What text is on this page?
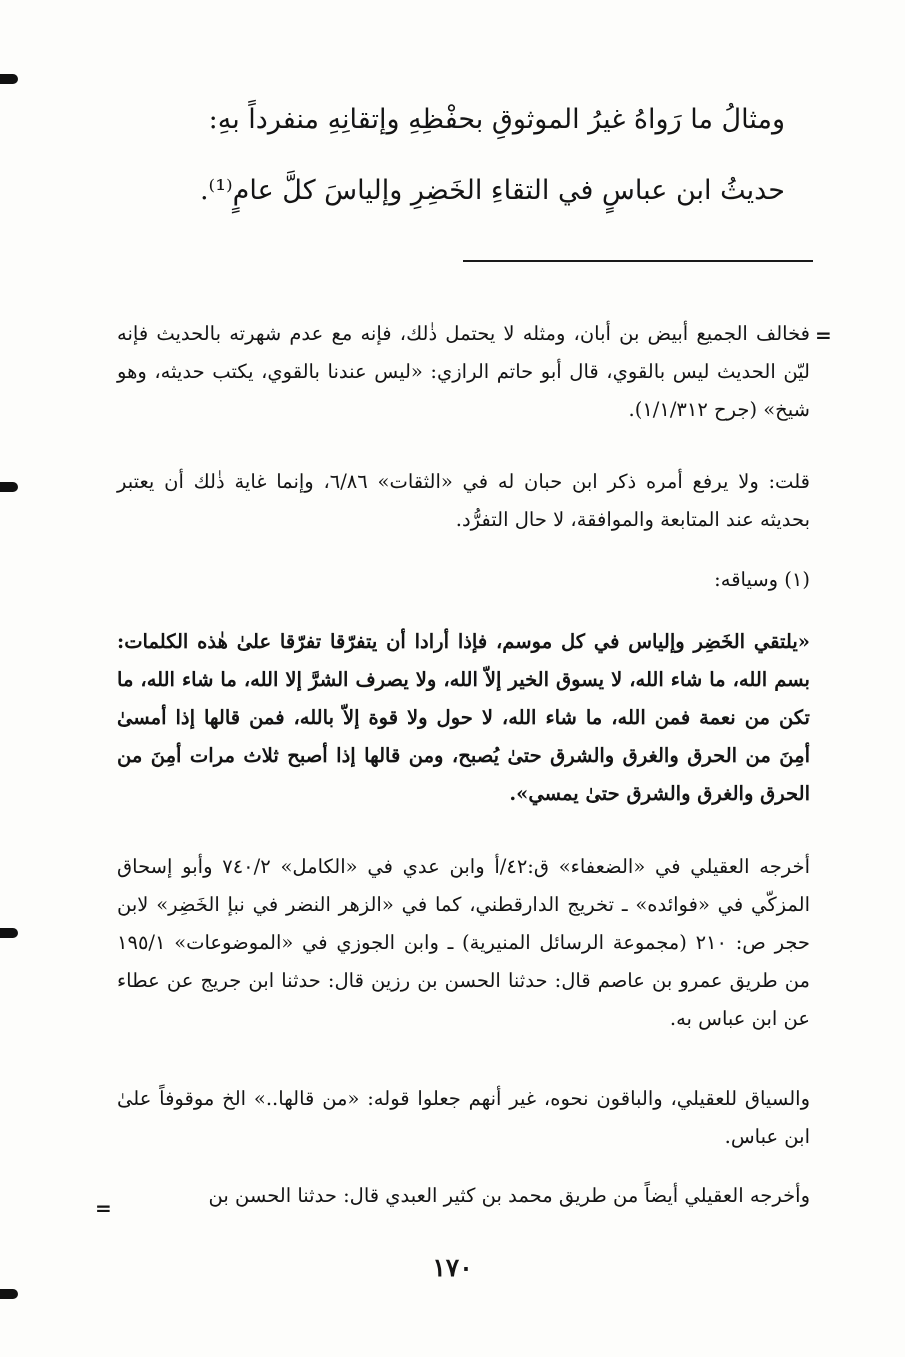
ومثالُ ما رَواهُ غيرُ الموثوقِ بحفْظِهِ وإتقانِهِ منفرداً بهِ:
حديثُ ابن عباسٍ في التقاءِ الخَضِرِ وإلياسَ كلَّ عامٍ⁽¹⁾.
=
فخالف الجميع أبيض بن أبان، ومثله لا يحتمل ذٰلك، فإنه مع عدم شهرته بالحديث فإنه ليّن الحديث ليس بالقوي، قال أبو حاتم الرازي: «ليس عندنا بالقوي، يكتب حديثه، وهو شيخ» (جرح ١/١/٣١٢).
قلت: ولا يرفع أمره ذكر ابن حبان له في «الثقات» ٦/٨٦، وإنما غاية ذٰلك أن يعتبر بحديثه عند المتابعة والموافقة، لا حال التفرُّد.
(١) وسياقه:
«يلتقي الخَضِر وإلياس في كل موسم، فإذا أرادا أن يتفرّقا تفرّقا علىٰ هٰذه الكلمات: بسم الله، ما شاء الله، لا يسوق الخير إلاّ الله، ولا يصرف الشرَّ إلا الله، ما شاء الله، ما تكن من نعمة فمن الله، ما شاء الله، لا حول ولا قوة إلاّ بالله، فمن قالها إذا أمسىٰ أمِنَ من الحرق والغرق والشرق حتىٰ يُصبح، ومن قالها إذا أصبح ثلاث مرات أمِنَ من الحرق والغرق والشرق حتىٰ يمسي».
أخرجه العقيلي في «الضعفاء» ق:٤٢/أ وابن عدي في «الكامل» ٧٤٠/٢ وأبو إسحاق المزكّي في «فوائده» ـ تخريج الدارقطني، كما في «الزهر النضر في نبإ الخَضِر» لابن حجر ص: ٢١٠ (مجموعة الرسائل المنيرية) ـ وابن الجوزي في «الموضوعات» ١٩٥/١ من طريق عمرو بن عاصم قال: حدثنا الحسن بن رزين قال: حدثنا ابن جريج عن عطاء عن ابن عباس به.
والسياق للعقيلي، والباقون نحوه، غير أنهم جعلوا قوله: «من قالها..» الخ موقوفاً علىٰ ابن عباس.
وأخرجه العقيلي أيضاً من طريق محمد بن كثير العبدي قال: حدثنا الحسن بن
=
١٧٠
